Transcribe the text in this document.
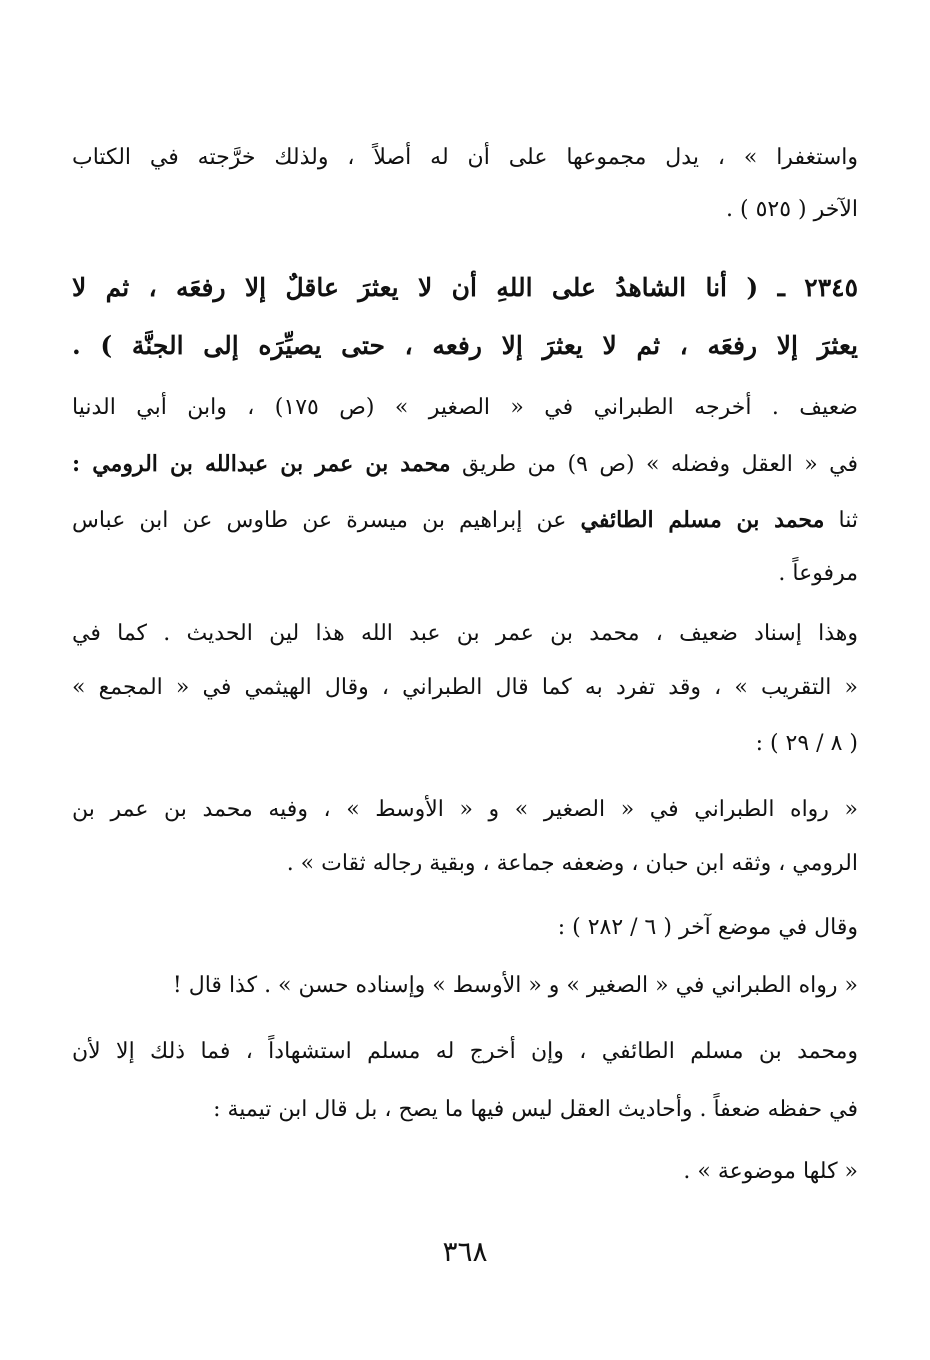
واستغفرا » ، يدل مجموعها على أن له أصلاً ، ولذلك خرَّجته في الكتاب
الآخر ( ٥٢٥ ) .
٢٣٤٥ ـ ( أنا الشاهدُ على اللهِ أن لا يعثرَ عاقلٌ إلا رفعَه ، ثم لا
يعثرَ إلا رفعَه ، ثم لا يعثرَ إلا رفعه ، حتى يصيِّرَه إلى الجنَّة ) .
ضعيف . أخرجه الطبراني في « الصغير » (ص ١٧٥) ، وابن أبي الدنيا
في « العقل وفضله » (ص ٩) من طريق محمد بن عمر بن عبدالله بن الرومي :
ثنا محمد بن مسلم الطائفي عن إبراهيم بن ميسرة عن طاوس عن ابن عباس
مرفوعاً .
وهذا إسناد ضعيف ، محمد بن عمر بن عبد الله هذا لين الحديث . كما في
« التقريب » ، وقد تفرد به كما قال الطبراني ، وقال الهيثمي في « المجمع »
( ٨ / ٢٩ ) :
« رواه الطبراني في « الصغير » و « الأوسط » ، وفيه محمد بن عمر بن
الرومي ، وثقه ابن حبان ، وضعفه جماعة ، وبقية رجاله ثقات » .
وقال في موضع آخر ( ٦ / ٢٨٢ ) :
« رواه الطبراني في « الصغير » و « الأوسط » وإسناده حسن » . كذا قال !
ومحمد بن مسلم الطائفي ، وإن أخرج له مسلم استشهاداً ، فما ذلك إلا لأن
في حفظه ضعفاً . وأحاديث العقل ليس فيها ما يصح ، بل قال ابن تيمية :
« كلها موضوعة » .
٣٦٨
